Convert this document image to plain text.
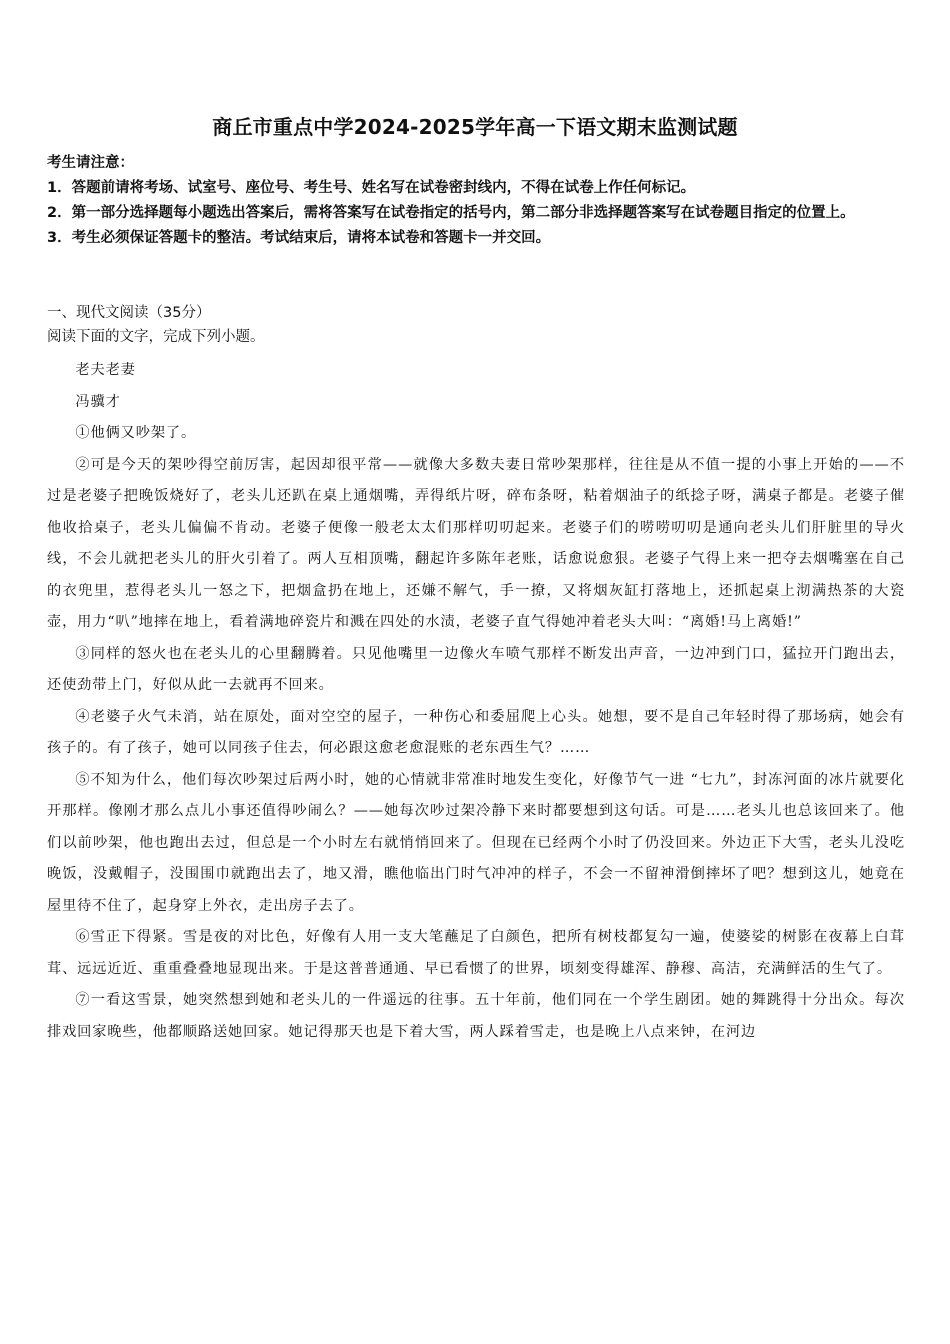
商丘市重点中学2024-2025学年高一下语文期末监测试题
考生请注意：
1．答题前请将考场、试室号、座位号、考生号、姓名写在试卷密封线内，不得在试卷上作任何标记。
2．第一部分选择题每小题选出答案后，需将答案写在试卷指定的括号内，第二部分非选择题答案写在试卷题目指定的位置上。
3．考生必须保证答题卡的整洁。考试结束后，请将本试卷和答题卡一并交回。
一、现代文阅读（35分）
阅读下面的文字，完成下列小题。

老夫老妻

冯骥才

①他俩又吵架了。

②可是今天的架吵得空前厉害，起因却很平常——就像大多数夫妻日常吵架那样，往往是从不值一提的小事上开始的——不过是老婆子把晚饭烧好了，老头儿还趴在桌上通烟嘴，弄得纸片呀，碎布条呀，粘着烟油子的纸捻子呀，满桌子都是。老婆子催他收拾桌子，老头儿偏偏不肯动。老婆子便像一般老太太们那样叨叨起来。老婆子们的唠唠叨叨是通向老头儿们肝脏里的导火线，不会儿就把老头儿的肝火引着了。两人互相顶嘴，翻起许多陈年老账，话愈说愈狠。老婆子气得上来一把夺去烟嘴塞在自己的衣兜里，惹得老头儿一怒之下，把烟盒扔在地上，还嫌不解气，手一撩，又将烟灰缸打落地上，还抓起桌上沏满热茶的大瓷壶，用力“叭”地摔在地上，看着满地碎瓷片和溅在四处的水渍，老婆子直气得她冲着老头大叫：“离婚!马上离婚!”

③同样的怒火也在老头儿的心里翻腾着。只见他嘴里一边像火车喷气那样不断发出声音，一边冲到门口，猛拉开门跑出去，还使劲带上门，好似从此一去就再不回来。

④老婆子火气未消，站在原处，面对空空的屋子，一种伤心和委屈爬上心头。她想，要不是自己年轻时得了那场病，她会有孩子的。有了孩子，她可以同孩子住去，何必跟这愈老愈混账的老东西生气？……

⑤不知为什么，他们每次吵架过后两小时，她的心情就非常准时地发生变化，好像节气一进 “七九”，封冻河面的冰片就要化开那样。像刚才那么点儿小事还值得吵闹么？——她每次吵过架冷静下来时都要想到这句话。可是……老头儿也总该回来了。他们以前吵架，他也跑出去过，但总是一个小时左右就悄悄回来了。但现在已经两个小时了仍没回来。外边正下大雪，老头儿没吃晚饭，没戴帽子，没围围巾就跑出去了，地又滑，瞧他临出门时气冲冲的样子，不会一不留神滑倒摔坏了吧？想到这儿，她竟在屋里待不住了，起身穿上外衣，走出房子去了。

⑥雪正下得紧。雪是夜的对比色，好像有人用一支大笔蘸足了白颜色，把所有树枝都复勾一遍，使婆娑的树影在夜幕上白茸茸、远远近近、重重叠叠地显现出来。于是这普普通通、早已看惯了的世界，顷刻变得雄浑、静穆、高洁，充满鲜活的生气了。

⑦一看这雪景，她突然想到她和老头儿的一件遥远的往事。五十年前，他们同在一个学生剧团。她的舞跳得十分出众。每次排戏回家晚些，他都顺路送她回家。她记得那天也是下着大雪，两人踩着雪走，也是晚上八点来钟，在河边
